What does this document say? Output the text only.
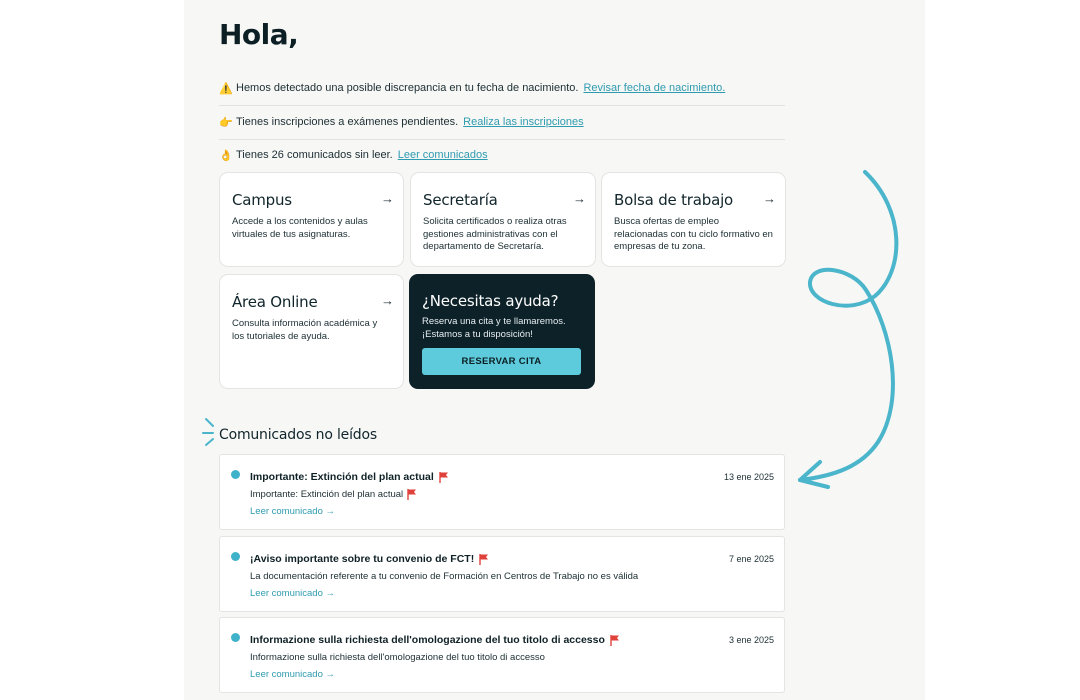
Hola,
⚠️ Hemos detectado una posible discrepancia en tu fecha de nacimiento. Revisar fecha de nacimiento.
👉 Tienes inscripciones a exámenes pendientes. Realiza las inscripciones
👌 Tienes 26 comunicados sin leer. Leer comunicados
Campus	→
Accede a los contenidos y aulas virtuales de tus asignaturas.
Secretaría	→
Solicita certificados o realiza otras gestiones administrativas con el departamento de Secretaría.
Bolsa de trabajo	→
Busca ofertas de empleo relacionadas con tu ciclo formativo en empresas de tu zona.
Área Online	→
Consulta información académica y los tutoriales de ayuda.
¿Necesitas ayuda?
Reserva una cita y te llamaremos.
¡Estamos a tu disposición!
RESERVAR CITA
Comunicados no leídos
Importante: Extinción del plan actual	13 ene 2025
Importante: Extinción del plan actual
Leer comunicado →
¡Aviso importante sobre tu convenio de FCT!	7 ene 2025
La documentación referente a tu convenio de Formación en Centros de Trabajo no es válida
Leer comunicado →
Informazione sulla richiesta dell'omologazione del tuo titolo di accesso	3 ene 2025
Informazione sulla richiesta dell'omologazione del tuo titolo di accesso
Leer comunicado →
